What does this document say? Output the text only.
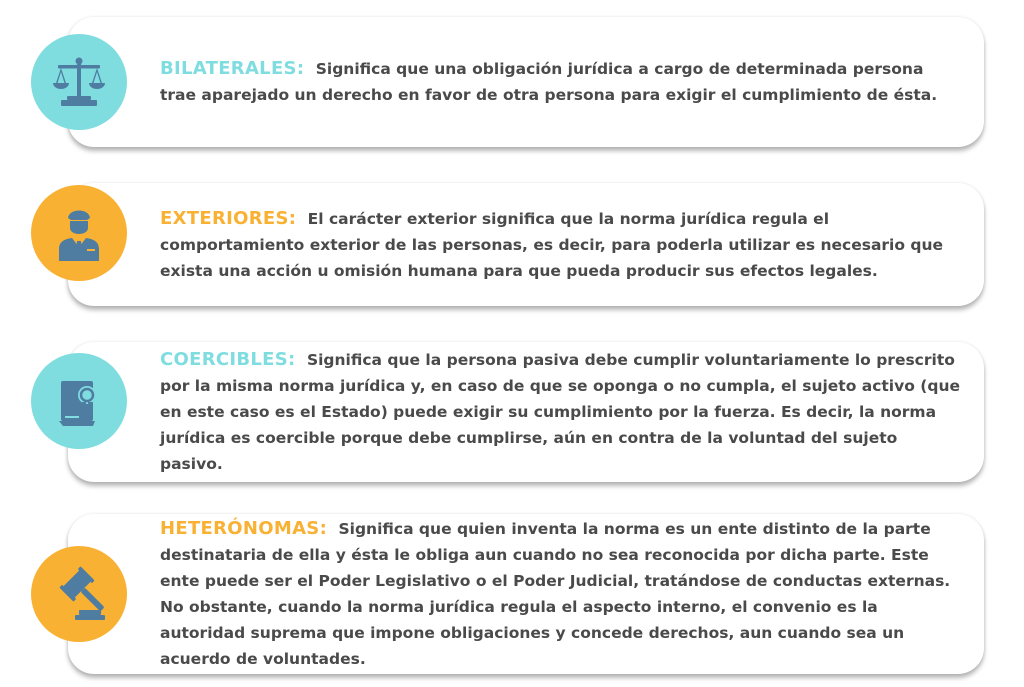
BILATERALES: Significa que una obligación jurídica a cargo de determinada persona trae aparejado un derecho en favor de otra persona para exigir el cumplimiento de ésta.

EXTERIORES: El carácter exterior significa que la norma jurídica regula el comportamiento exterior de las personas, es decir, para poderla utilizar es necesario que exista una acción u omisión humana para que pueda producir sus efectos legales.

COERCIBLES: Significa que la persona pasiva debe cumplir voluntariamente lo prescrito por la misma norma jurídica y, en caso de que se oponga o no cumpla, el sujeto activo (que en este caso es el Estado) puede exigir su cumplimiento por la fuerza. Es decir, la norma jurídica es coercible porque debe cumplirse, aún en contra de la voluntad del sujeto pasivo.

HETERÓNOMAS: Significa que quien inventa la norma es un ente distinto de la parte destinataria de ella y ésta le obliga aun cuando no sea reconocida por dicha parte. Este ente puede ser el Poder Legislativo o el Poder Judicial, tratándose de conductas externas. No obstante, cuando la norma jurídica regula el aspecto interno, el convenio es la autoridad suprema que impone obligaciones y concede derechos, aun cuando sea un acuerdo de voluntades.
